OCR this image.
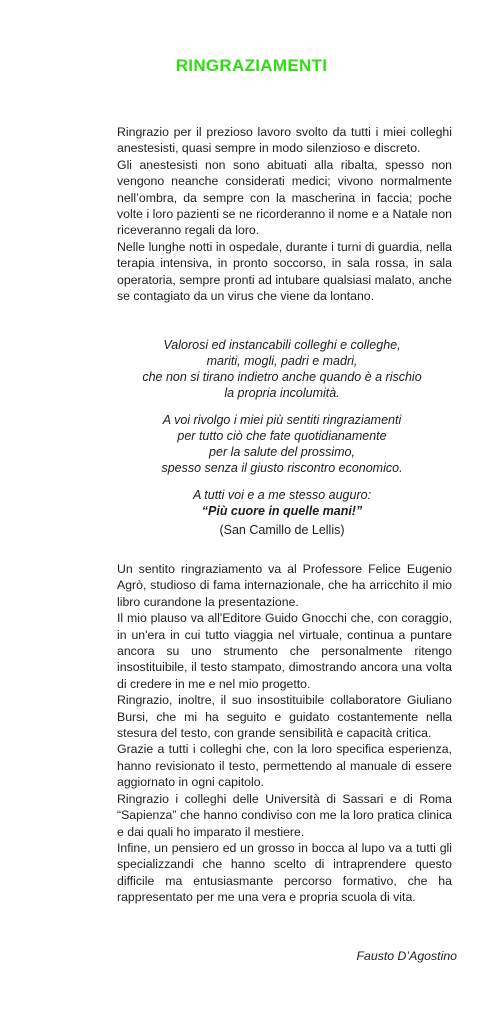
RINGRAZIAMENTI

Ringrazio per il prezioso lavoro svolto da tutti i miei colleghi anestesisti, quasi sempre in modo silenzioso e discreto.

Gli anestesisti non sono abituati alla ribalta, spesso non vengono neanche considerati medici; vivono normalmente nell’ombra, da sempre con la mascherina in faccia; poche volte i loro pazienti se ne ricorderanno il nome e a Natale non riceveranno regali da loro.

Nelle lunghe notti in ospedale, durante i turni di guardia, nella terapia intensiva, in pronto soccorso, in sala rossa, in sala operatoria, sempre pronti ad intubare qualsiasi malato, anche se contagiato da un virus che viene da lontano.

Valorosi ed instancabili colleghi e colleghe,
mariti, mogli, padri e madri,
che non si tirano indietro anche quando è a rischio
la propria incolumità.
A voi rivolgo i miei più sentiti ringraziamenti
per tutto ciò che fate quotidianamente
per la salute del prossimo,
spesso senza il giusto riscontro economico.
A tutti voi e a me stesso auguro:
“Più cuore in quelle mani!”
(San Camillo de Lellis)

Un sentito ringraziamento va al Professore Felice Eugenio Agrò, studioso di fama internazionale, che ha arricchito il mio libro curandone la presentazione.

Il mio plauso va all'Editore Guido Gnocchi che, con coraggio, in un'era in cui tutto viaggia nel virtuale, continua a puntare ancora su uno strumento che personalmente ritengo insostituibile, il testo stampato, dimostrando ancora una volta di credere in me e nel mio progetto.

Ringrazio, inoltre, il suo insostituibile collaboratore Giuliano Bursi, che mi ha seguito e guidato costantemente nella stesura del testo, con grande sensibilità e capacità critica.

Grazie a tutti i colleghi che, con la loro specifica esperienza, hanno revisionato il testo, permettendo al manuale di essere aggiornato in ogni capitolo.

Ringrazio i colleghi delle Università di Sassari e di Roma “Sapienza” che hanno condiviso con me la loro pratica clinica e dai quali ho imparato il mestiere.

Infine, un pensiero ed un grosso in bocca al lupo va a tutti gli specializzandi che hanno scelto di intraprendere questo difficile ma entusiasmante percorso formativo, che ha rappresentato per me una vera e propria scuola di vita.

Fausto D’Agostino
